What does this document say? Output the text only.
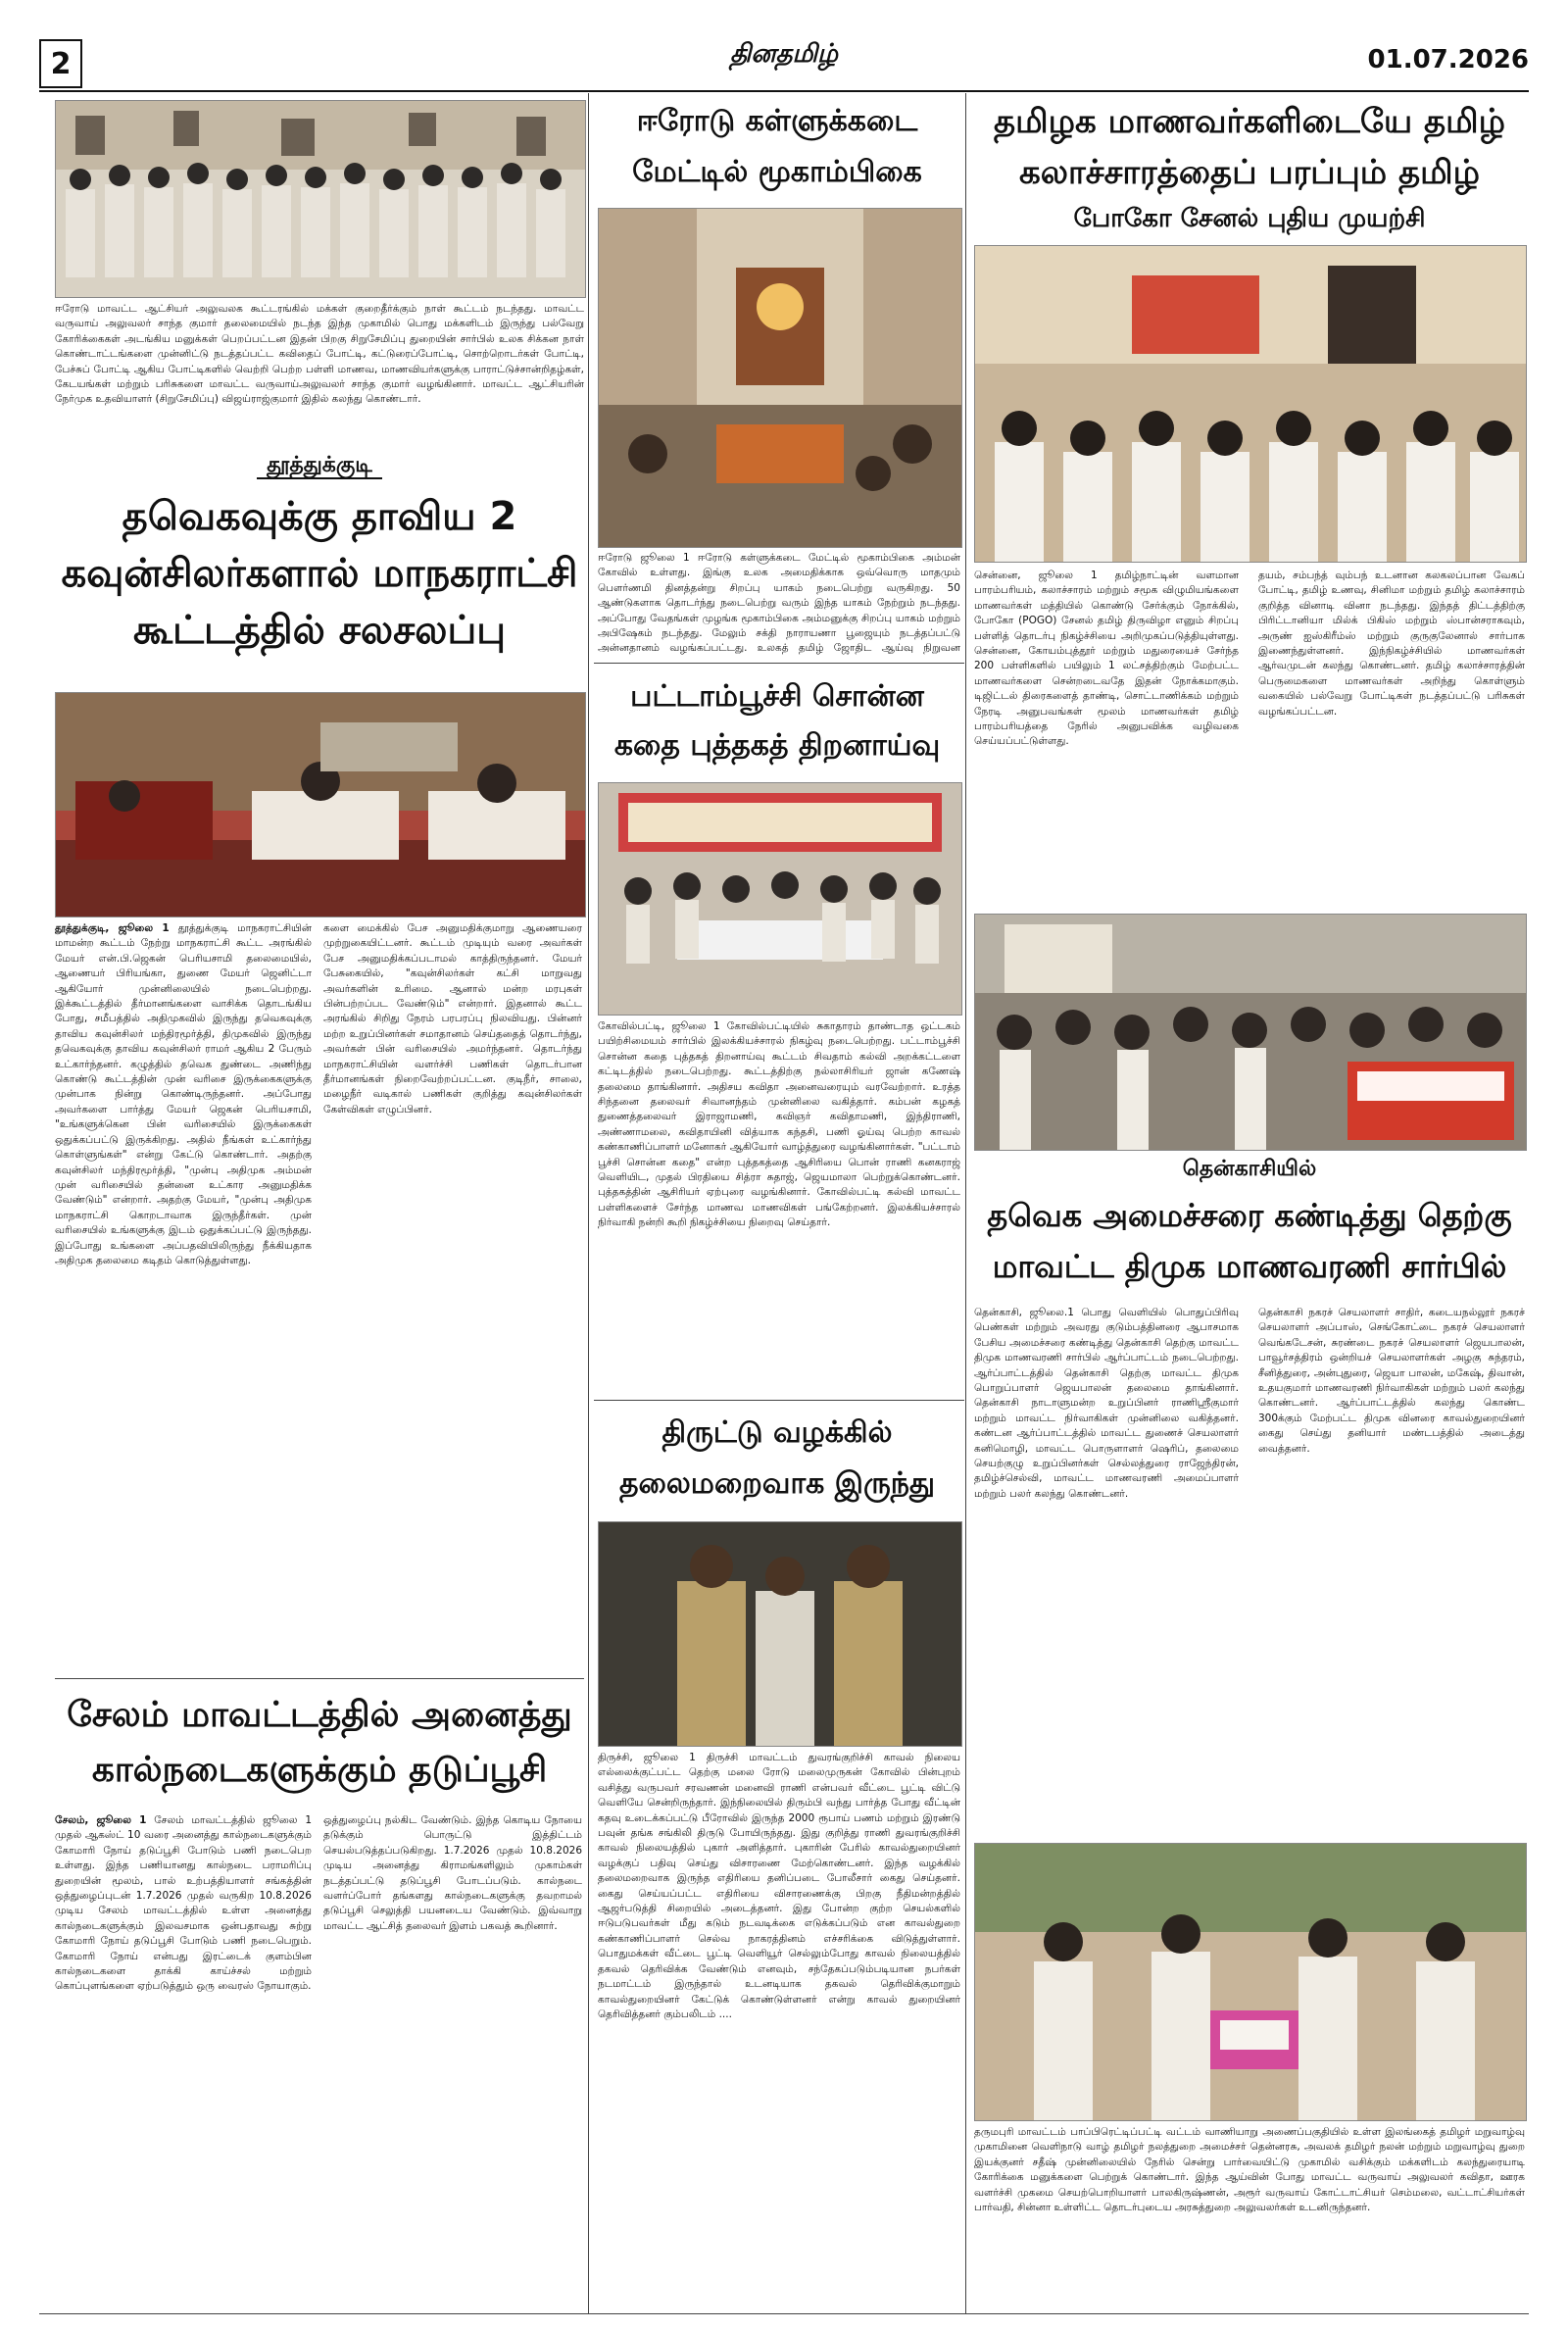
2	தினதமிழ்	01.07.2026
ஈரோடு மாவட்ட ஆட்சியர் அலுவலக கூட்டரங்கில் மக்கள் குறைதீர்க்கும் நாள் கூட்டம் நடந்தது. மாவட்ட வருவாய் அலுவலர் சாந்த குமார் தலைமையில் நடந்த இந்த முகாமில் பொது மக்களிடம் இருந்து பல்வேறு கோரிக்கைகள் அடங்கிய மனுக்கள் பெறப்பட்டன இதன் பிறகு சிறுசேமிப்பு துறையின் சார்பில் உலக சிக்கன நாள் கொண்டாட்டங்களை முன்னிட்டு நடத்தப்பட்ட கவிதைப் போட்டி, கட்டுரைப்போட்டி, சொற்றொடர்கள் போட்டி, பேச்சுப் போட்டி ஆகிய போட்டிகளில் வெற்றி பெற்ற பள்ளி மாணவ, மாணவியர்களுக்கு பாராட்டுச்சான்றிதழ்கள், கேடயங்கள் மற்றும் பரிசுகளை மாவட்ட வருவாய்அலுவலர் சாந்த குமார் வழங்கினார். மாவட்ட ஆட்சியரின் நேர்முக உதவியாளர் (சிறுசேமிப்பு) விஜய்ராஜ்குமார் இதில் கலந்து கொண்டார்.
தூத்துக்குடி
தவெகவுக்கு தாவிய 2 கவுன்சிலர்களால் மாநகராட்சி கூட்டத்தில் சலசலப்பு
தூத்துக்குடி, ஜூலை 1 தூத்துக்குடி மாநகராட்சியின் மாமன்ற கூட்டம் நேற்று மாநகராட்சி கூட்ட அரங்கில் மேயர் என்.பி.ஜெகன் பெரியசாமி தலைமையில், ஆணையர் பிரியங்கா, துணை மேயர் ஜெனிட்டா ஆகியோர் முன்னிலையில் நடைபெற்றது. இக்கூட்டத்தில் தீர்மானங்களை வாசிக்க தொடங்கிய போது, சமீபத்தில் அதிமுகவில் இருந்து தவெகவுக்கு தாவிய கவுன்சிலர் மந்திரமூர்த்தி, திமுகவில் இருந்து தவெகவுக்கு தாவிய கவுன்சிலர் ராமர் ஆகிய 2 பேரும் உட்கார்ந்தனர். கழுத்தில் தவெக துண்டை அணிந்து கொண்டு கூட்டத்தின் முன் வரிசை இருக்கைகளுக்கு முன்பாக நின்று கொண்டிருந்தனர். அப்போது அவர்களை பார்த்து மேயர் ஜெகன் பெரியசாமி, "உங்களுக்கென பின் வரிசையில் இருக்கைகள் ஒதுக்கப்பட்டு இருக்கிறது. அதில் நீங்கள் உட்கார்ந்து கொள்ளுங்கள்" என்று கேட்டு கொண்டார். அதற்கு கவுன்சிலர் மந்திரமூர்த்தி, "முன்பு அதிமுக அம்மன் முன் வரிசையில் தன்னை உட்கார அனுமதிக்க வேண்டும்" என்றார். அதற்கு மேயர், "முன்பு அதிமுக மாநகராட்சி கொறடாவாக இருந்தீர்கள். முன் வரிசையில் உங்களுக்கு இடம் ஒதுக்கப்பட்டு இருந்தது. இப்போது உங்களை அப்பதவியிலிருந்து நீக்கியதாக அதிமுக தலைமை கடிதம் கொடுத்துள்ளது.
களை மைக்கில் பேச அனுமதிக்குமாறு ஆணையரை முற்றுகையிட்டனர். கூட்டம் முடியும் வரை அவர்கள் பேச அனுமதிக்கப்படாமல் காத்திருந்தனர். மேயர் பேசுகையில், "கவுன்சிலர்கள் கட்சி மாறுவது அவர்களின் உரிமை. ஆனால் மன்ற மரபுகள் பின்பற்றப்பட வேண்டும்" என்றார். இதனால் கூட்ட அரங்கில் சிறிது நேரம் பரபரப்பு நிலவியது. பின்னர் மற்ற உறுப்பினர்கள் சமாதானம் செய்ததைத் தொடர்ந்து, அவர்கள் பின் வரிசையில் அமர்ந்தனர். தொடர்ந்து மாநகராட்சியின் வளர்ச்சி பணிகள் தொடர்பான தீர்மானங்கள் நிறைவேற்றப்பட்டன. குடிநீர், சாலை, மழைநீர் வடிகால் பணிகள் குறித்து கவுன்சிலர்கள் கேள்விகள் எழுப்பினர்.
சேலம் மாவட்டத்தில் அனைத்து கால்நடைகளுக்கும் தடுப்பூசி
சேலம், ஜூலை 1 சேலம் மாவட்டத்தில் ஜூலை 1 முதல் ஆகஸ்ட் 10 வரை அனைத்து கால்நடைகளுக்கும் கோமாரி நோய் தடுப்பூசி போடும் பணி நடைபெற உள்ளது. இந்த பணியானது கால்நடை பராமரிப்பு துறையின் மூலம், பால் உற்பத்தியாளர் சங்கத்தின் ஒத்துழைப்புடன் 1.7.2026 முதல் வருகிற 10.8.2026 முடிய சேலம் மாவட்டத்தில் உள்ள அனைத்து கால்நடைகளுக்கும் இலவசமாக ஒன்பதாவது சுற்று கோமாரி நோய் தடுப்பூசி போடும் பணி நடைபெறும். கோமாரி நோய் என்பது இரட்டைக் குளம்பின கால்நடைகளை தாக்கி காய்ச்சல் மற்றும் கொப்புளங்களை ஏற்படுத்தும் ஒரு வைரஸ் நோயாகும்.
ஒத்துழைப்பு நல்கிட வேண்டும். இந்த கொடிய நோயை தடுக்கும் பொருட்டு இத்திட்டம் செயல்படுத்தப்படுகிறது. 1.7.2026 முதல் 10.8.2026 முடிய அனைத்து கிராமங்களிலும் முகாம்கள் நடத்தப்பட்டு தடுப்பூசி போடப்படும். கால்நடை வளர்ப்போர் தங்களது கால்நடைகளுக்கு தவறாமல் தடுப்பூசி செலுத்தி பயனடைய வேண்டும். இவ்வாறு மாவட்ட ஆட்சித் தலைவர் இளம் பகவத் கூறினார்.
ஈரோடு கள்ளுக்கடை மேட்டில் மூகாம்பிகை
ஈரோடு ஜூலை 1 ஈரோடு கள்ளுக்கடை மேட்டில் மூகாம்பிகை அம்மன் கோவில் உள்ளது. இங்கு உலக அமைதிக்காக ஒவ்வொரு மாதமும் பௌர்ணமி தினத்தன்று சிறப்பு யாகம் நடைபெற்று வருகிறது. 50 ஆண்டுகளாக தொடர்ந்து நடைபெற்று வரும் இந்த யாகம் நேற்றும் நடந்தது. அப்போது வேதங்கள் முழங்க மூகாம்பிகை அம்மனுக்கு சிறப்பு யாகம் மற்றும் அபிஷேகம் நடந்தது. மேலும் சக்தி நாராயணா பூஜையும் நடத்தப்பட்டு அன்னதானம் வழங்கப்பட்டது. உலகத் தமிழ் ஜோதிட ஆய்வு நிறுவன
பட்டாம்பூச்சி சொன்ன கதை புத்தகத் திறனாய்வு
கோவில்பட்டி, ஜூலை 1 கோவில்பட்டியில் சுகாதாரம் தாண்டாத ஒட்டகம் பயிற்சிமையம் சார்பில் இலக்கியச்சாரல் நிகழ்வு நடைபெற்றது. பட்டாம்பூச்சி சொன்ன கதை புத்தகத் திறனாய்வு கூட்டம் சிவதாம் கல்வி அறக்கட்டளை கட்டிடத்தில் நடைபெற்றது. கூட்டத்திற்கு நல்லாசிரியர் ஜான் கணேஷ் தலைமை தாங்கினார். அதிசய கவிதா அனைவரையும் வரவேற்றார். உரத்த சிந்தனை தலைவர் சிவானந்தம் முன்னிலை வகித்தார். கம்பன் கழகத் துணைத்தலைவர் இராஜாமணி, கவிஞர் கவிதாமணி, இந்திராணி, அண்ணாமலை, கவிதாயினி வித்யாக கந்தசி, பணி ஓய்வு பெற்ற காவல் கண்காணிப்பாளர் மனோகர் ஆகியோர் வாழ்த்துரை வழங்கினார்கள். "பட்டாம் பூச்சி சொன்ன கதை" என்ற புத்தகத்தை ஆசிரியை பொன் ராணி கனகராஜ் வெளியிட, முதல் பிரதியை சித்ரா சுதாஜ், ஜெயமாலா பெற்றுக்கொண்டனர். புத்தகத்தின் ஆசிரியர் ஏற்புரை வழங்கினார். கோவில்பட்டி கல்வி மாவட்ட பள்ளிகளைச் சேர்ந்த மாணவ மாணவிகள் பங்கேற்றனர். இலக்கியச்சாரல் நிர்வாகி நன்றி கூறி நிகழ்ச்சியை நிறைவு செய்தார்.
திருட்டு வழக்கில் தலைமறைவாக இருந்து
திருச்சி, ஜூலை 1 திருச்சி மாவட்டம் துவரங்குறிச்சி காவல் நிலைய எல்லைக்குட்பட்ட தெற்கு மலை ரோடு மலைமுருகன் கோவில் பின்புறம் வசித்து வருபவர் சரவணன் மனைவி ராணி என்பவர் வீட்டை பூட்டி விட்டு வெளியே சென்றிருந்தார். இந்நிலையில் திரும்பி வந்து பார்த்த போது வீட்டின் கதவு உடைக்கப்பட்டு பீரோவில் இருந்த 2000 ரூபாய் பணம் மற்றும் இரண்டு பவுன் தங்க சங்கிலி திருடு போயிருந்தது. இது குறித்து ராணி துவரங்குறிச்சி காவல் நிலையத்தில் புகார் அளித்தார். புகாரின் பேரில் காவல்துறையினர் வழக்குப் பதிவு செய்து விசாரணை மேற்கொண்டனர். இந்த வழக்கில் தலைமறைவாக இருந்த எதிரியை தனிப்படை போலீசார் கைது செய்தனர். கைது செய்யப்பட்ட எதிரியை விசாரணைக்கு பிறகு நீதிமன்றத்தில் ஆஜர்படுத்தி சிறையில் அடைத்தனர். இது போன்ற குற்ற செயல்களில் ஈடுபடுபவர்கள் மீது கடும் நடவடிக்கை எடுக்கப்படும் என காவல்துறை கண்காணிப்பாளர் செல்வ நாகரத்தினம் எச்சரிக்கை விடுத்துள்ளார். பொதுமக்கள் வீட்டை பூட்டி வெளியூர் செல்லும்போது காவல் நிலையத்தில் தகவல் தெரிவிக்க வேண்டும் எனவும், சந்தேகப்படும்படியான நபர்கள் நடமாட்டம் இருந்தால் உடனடியாக தகவல் தெரிவிக்குமாறும் காவல்துறையினர் கேட்டுக் கொண்டுள்ளனர் என்று காவல் துறையினர் தெரிவித்தனர் கும்பலிடம் ....
தமிழக மாணவர்களிடையே தமிழ் கலாச்சாரத்தைப் பரப்பும் தமிழ்
போகோ சேனல் புதிய முயற்சி
சென்னை, ஜூலை 1 தமிழ்நாட்டின் வளமான பாரம்பரியம், கலாச்சாரம் மற்றும் சமூக விழுமியங்களை மாணவர்கள் மத்தியில் கொண்டு சேர்க்கும் நோக்கில், போகோ (POGO) சேனல் தமிழ் திருவிழா எனும் சிறப்பு பள்ளித் தொடர்பு நிகழ்ச்சியை அறிமுகப்படுத்தியுள்ளது. சென்னை, கோயம்புத்தூர் மற்றும் மதுரையைச் சேர்ந்த 200 பள்ளிகளில் பயிலும் 1 லட்சத்திற்கும் மேற்பட்ட மாணவர்களை சென்றடைவதே இதன் நோக்கமாகும். டிஜிட்டல் திரைகளைத் தாண்டி, சொட்டாணிக்கம் மற்றும் நேரடி அனுபவங்கள் மூலம் மாணவர்கள் தமிழ் பாரம்பரியத்தை நேரில் அனுபவிக்க வழிவகை செய்யப்பட்டுள்ளது.
தயம், சம்பந்த் வும்பந் உடனான கலகலப்பான வேகப் போட்டி, தமிழ் உணவு, சினிமா மற்றும் தமிழ் கலாச்சாரம் குறித்த வினாடி வினா நடந்தது. இந்தத் திட்டத்திற்கு பிரிட்டானியா மில்க் பிகிஸ் மற்றும் ஸ்பான்சராகவும், அருண் ஐஸ்கிரீம்ஸ் மற்றும் குருகுலேனால் சார்பாக இணைந்துள்ளனர். இந்நிகழ்ச்சியில் மாணவர்கள் ஆர்வமுடன் கலந்து கொண்டனர். தமிழ் கலாச்சாரத்தின் பெருமைகளை மாணவர்கள் அறிந்து கொள்ளும் வகையில் பல்வேறு போட்டிகள் நடத்தப்பட்டு பரிசுகள் வழங்கப்பட்டன.
தென்காசியில்
தவெக அமைச்சரை கண்டித்து தெற்கு மாவட்ட திமுக மாணவரணி சார்பில்
தென்காசி, ஜூலை.1 பொது வெளியில் பொதுப்பிரிவு பெண்கள் மற்றும் அவரது குடும்பத்தினரை ஆபாசமாக பேசிய அமைச்சரை கண்டித்து தென்காசி தெற்கு மாவட்ட திமுக மாணவரணி சார்பில் ஆர்ப்பாட்டம் நடைபெற்றது. ஆர்ப்பாட்டத்தில் தென்காசி தெற்கு மாவட்ட திமுக பொறுப்பாளர் ஜெயபாலன் தலைமை தாங்கினார். தென்காசி நாடாளுமன்ற உறுப்பினர் ராணிஸ்ரீகுமார் மற்றும் மாவட்ட நிர்வாகிகள் முன்னிலை வகித்தனர். கண்டன ஆர்ப்பாட்டத்தில் மாவட்ட துணைச் செயலாளர் கனிமொழி, மாவட்ட பொருளாளர் ஷெரிப், தலைமை செயற்குழு உறுப்பினர்கள் செல்லத்துரை ராஜேந்திரன், தமிழ்ச்செல்வி, மாவட்ட மாணவரணி அமைப்பாளர் மற்றும் பலர் கலந்து கொண்டனர்.
தென்காசி நகரச் செயலாளர் சாதிர், கடையநல்லூர் நகரச் செயலாளர் அப்பாஸ், செங்கோட்டை நகரச் செயலாளர் வெங்கடேசன், சுரண்டை நகரச் செயலாளர் ஜெயபாலன், பாவூர்சத்திரம் ஒன்றியச் செயலாளர்கள் அழகு சுந்தரம், சீனித்துரை, அன்புதுரை, ஜெயா பாலன், மகேஷ், திவான், உதயகுமார் மாணவரணி நிர்வாகிகள் மற்றும் பலர் கலந்து கொண்டனர். ஆர்ப்பாட்டத்தில் கலந்து கொண்ட 300க்கும் மேற்பட்ட திமுக வினரை காவல்துறையினர் கைது செய்து தனியார் மண்டபத்தில் அடைத்து வைத்தனர்.
தருமபுரி மாவட்டம் பாப்பிரெட்டிப்பட்டி வட்டம் வாணியாறு அணைப்பகுதியில் உள்ள இலங்கைத் தமிழர் மறுவாழ்வு முகாமினை வெளிநாடு வாழ் தமிழர் நலத்துறை அமைச்சர் தென்னரசு, அவலக் தமிழர் நலன் மற்றும் மறுவாழ்வு துறை இயக்குனர் சதீஷ் முன்னிலையில் நேரில் சென்று பார்வையிட்டு முகாமில் வசிக்கும் மக்களிடம் கலந்துரையாடி கோரிக்கை மனுக்களை பெற்றுக் கொண்டார். இந்த ஆய்வின் போது மாவட்ட வருவாய் அலுவலர் கவிதா, ஊரக வளர்ச்சி முகமை செயற்பொறியாளர் பாலகிருஷ்ணன், அரூர் வருவாய் கோட்டாட்சியர் செம்மலை, வட்டாட்சியர்கள் பார்வதி, சின்னா உள்ளிட்ட தொடர்புடைய அரசுத்துறை அலுவலர்கள் உடனிருந்தனர்.
